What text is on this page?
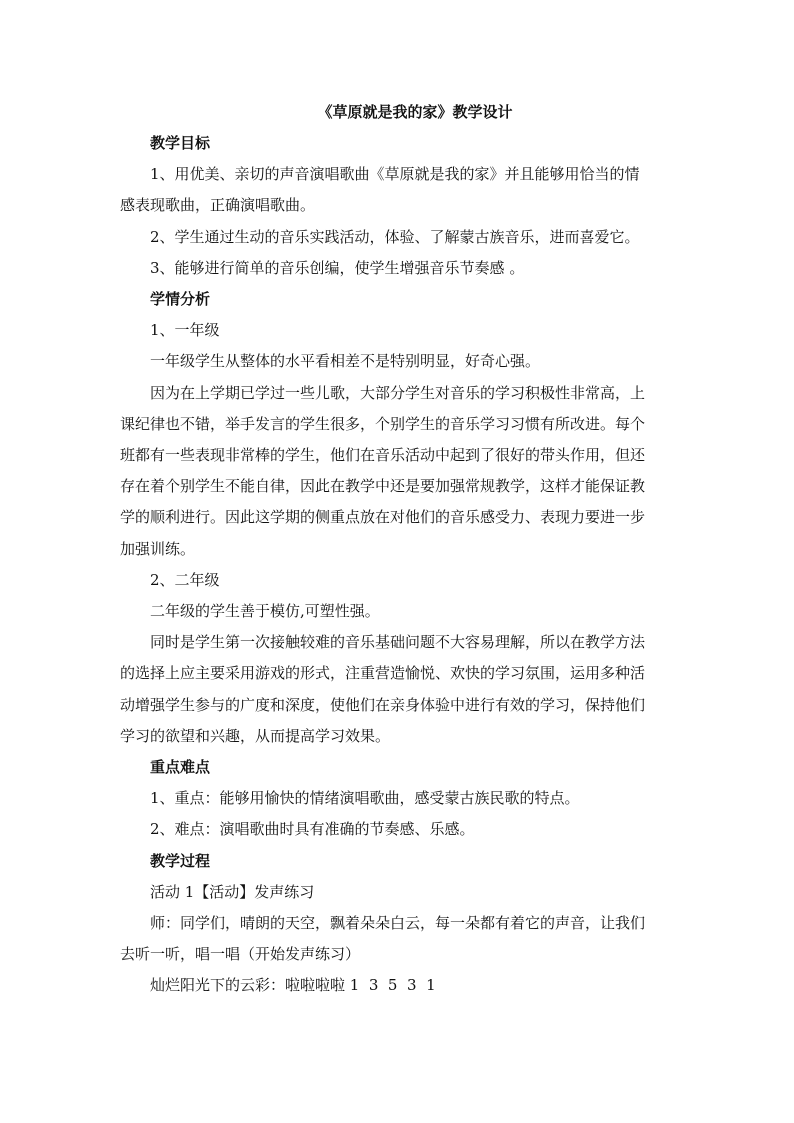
《草原就是我的家》教学设计
教学目标
1、用优美、亲切的声音演唱歌曲《草原就是我的家》并且能够用恰当的情
感表现歌曲，正确演唱歌曲。
2、学生通过生动的音乐实践活动，体验、了解蒙古族音乐，进而喜爱它。
3、能够进行简单的音乐创编，使学生增强音乐节奏感 。
学情分析
1、一年级
一年级学生从整体的水平看相差不是特别明显，好奇心强。
因为在上学期已学过一些儿歌，大部分学生对音乐的学习积极性非常高，上
课纪律也不错，举手发言的学生很多，个别学生的音乐学习习惯有所改进。每个
班都有一些表现非常棒的学生，他们在音乐活动中起到了很好的带头作用，但还
存在着个别学生不能自律，因此在教学中还是要加强常规教学，这样才能保证教
学的顺利进行。因此这学期的侧重点放在对他们的音乐感受力、表现力要进一步
加强训练。
2、二年级
二年级的学生善于模仿,可塑性强。
同时是学生第一次接触较难的音乐基础问题不大容易理解，所以在教学方法
的选择上应主要采用游戏的形式，注重营造愉悦、欢快的学习氛围，运用多种活
动增强学生参与的广度和深度，使他们在亲身体验中进行有效的学习，保持他们
学习的欲望和兴趣，从而提高学习效果。
重点难点
1、重点：能够用愉快的情绪演唱歌曲，感受蒙古族民歌的特点。
2、难点：演唱歌曲时具有准确的节奏感、乐感。
教学过程
活动 1【活动】发声练习
师：同学们，晴朗的天空，飘着朵朵白云，每一朵都有着它的声音，让我们
去听一听，唱一唱（开始发声练习）
灿烂阳光下的云彩：啦啦啦啦 1  3  5  3  1
